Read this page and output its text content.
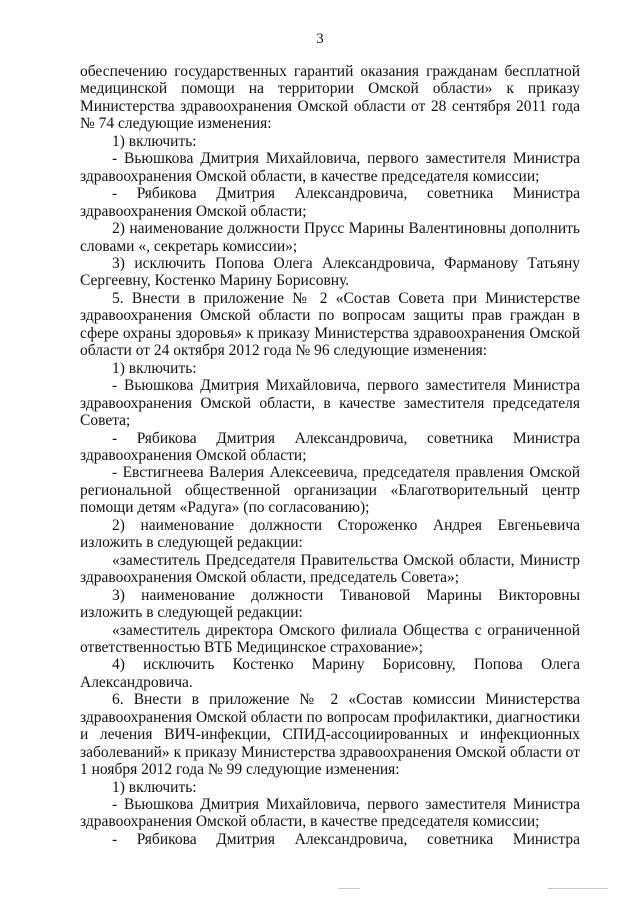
3

обеспечению государственных гарантий оказания гражданам бесплатной медицинской помощи на территории Омской области» к приказу Министерства здравоохранения Омской области от 28 сентября 2011 года № 74 следующие изменения:

1) включить:

- Вьюшкова Дмитрия Михайловича, первого заместителя Министра здравоохранения Омской области, в качестве председателя комиссии;

- Рябикова Дмитрия Александровича, советника Министра здравоохранения Омской области;

2) наименование должности Прусс Марины Валентиновны дополнить словами «, секретарь комиссии»;

3) исключить Попова Олега Александровича, Фарманову Татьяну Сергеевну, Костенко Марину Борисовну.

5. Внести в приложение № 2 «Состав Совета при Министерстве здравоохранения Омской области по вопросам защиты прав граждан в сфере охраны здоровья» к приказу Министерства здравоохранения Омской области от 24 октября 2012 года № 96 следующие изменения:

1) включить:

- Вьюшкова Дмитрия Михайловича, первого заместителя Министра здравоохранения Омской области, в качестве заместителя председателя Совета;

- Рябикова Дмитрия Александровича, советника Министра здравоохранения Омской области;

- Евстигнеева Валерия Алексеевича, председателя правления Омской региональной общественной организации «Благотворительный центр помощи детям «Радуга» (по согласованию);

2) наименование должности Стороженко Андрея Евгеньевича изложить в следующей редакции:

«заместитель Председателя Правительства Омской области, Министр здравоохранения Омской области, председатель Совета»;

3) наименование должности Тивановой Марины Викторовны изложить в следующей редакции:

«заместитель директора Омского филиала Общества с ограниченной ответственностью ВТБ Медицинское страхование»;

4) исключить Костенко Марину Борисовну, Попова Олега Александровича.

6. Внести в приложение № 2 «Состав комиссии Министерства здравоохранения Омской области по вопросам профилактики, диагностики и лечения ВИЧ-инфекции, СПИД-ассоциированных и инфекционных заболеваний» к приказу Министерства здравоохранения Омской области от 1 ноября 2012 года № 99 следующие изменения:

1) включить:

- Вьюшкова Дмитрия Михайловича, первого заместителя Министра здравоохранения Омской области, в качестве председателя комиссии;

- Рябикова Дмитрия Александровича, советника Министра
